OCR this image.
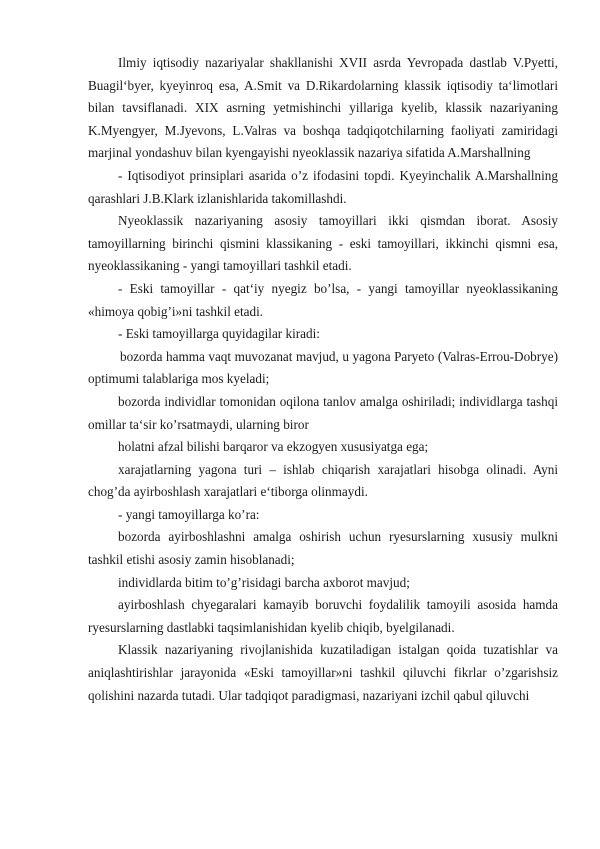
Ilmiy iqtisodiy nazariyalar shakllanishi XVII asrda Yevropada dastlab V.Pyetti, Buagil‘byer, kyeyinroq esa, A.Smit va D.Rikardolarning klassik iqtisodiy ta‘limotlari bilan tavsiflanadi. XIX asrning yetmishinchi yillariga kyelib, klassik nazariyaning K.Myengyer, M.Jyevons, L.Valras va boshqa tadqiqotchilarning faoliyati zamiridagi marjinal yondashuv bilan kyengayishi nyeoklassik nazariya sifatida A.Marshallning

- Iqtisodiyot prinsiplari asarida o’z ifodasini topdi. Kyeyinchalik A.Marshallning qarashlari J.B.Klark izlanishlarida takomillashdi.

Nyeoklassik nazariyaning asosiy tamoyillari ikki qismdan iborat. Asosiy tamoyillarning birinchi qismini klassikaning - eski tamoyillari, ikkinchi qismni esa, nyeoklassikaning - yangi tamoyillari tashkil etadi.

- Eski tamoyillar - qat‘iy nyegiz bo’lsa, - yangi tamoyillar nyeoklassikaning «himoya qobig’i»ni tashkil etadi.

- Eski tamoyillarga quyidagilar kiradi:

bozorda hamma vaqt muvozanat mavjud, u yagona Paryeto (Valras-Errou-Dobrye) optimumi talablariga mos kyeladi;

bozorda individlar tomonidan oqilona tanlov amalga oshiriladi; individlarga tashqi omillar ta‘sir ko’rsatmaydi, ularning biror

holatni afzal bilishi barqaror va ekzogyen xususiyatga ega;

xarajatlarning yagona turi – ishlab chiqarish xarajatlari hisobga olinadi. Ayni chog’da ayirboshlash xarajatlari e‘tiborga olinmaydi.

- yangi tamoyillarga ko’ra:

bozorda ayirboshlashni amalga oshirish uchun ryesurslarning xususiy mulkni tashkil etishi asosiy zamin hisoblanadi;

individlarda bitim to’g’risidagi barcha axborot mavjud;

ayirboshlash chyegaralari kamayib boruvchi foydalilik tamoyili asosida hamda ryesurslarning dastlabki taqsimlanishidan kyelib chiqib, byelgilanadi.

Klassik nazariyaning rivojlanishida kuzatiladigan istalgan qoida tuzatishlar va aniqlashtirishlar jarayonida «Eski tamoyillar»ni tashkil qiluvchi fikrlar o’zgarishsiz qolishini nazarda tutadi. Ular tadqiqot paradigmasi, nazariyani izchil qabul qiluvchi
